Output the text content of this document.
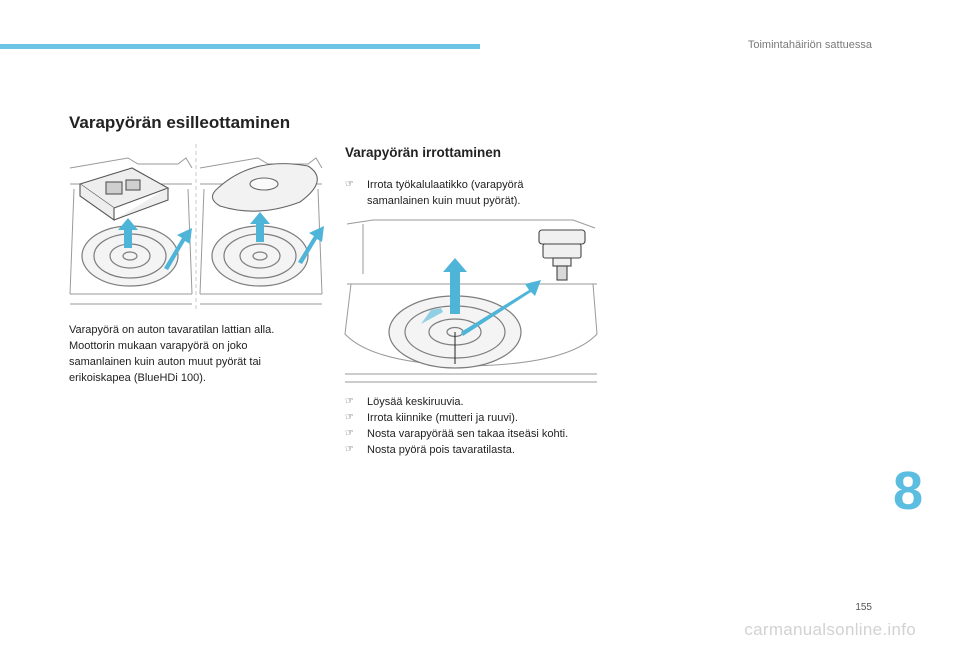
Toimintahäiriön sattuessa
Varapyörän esilleottaminen
Varapyörä on auton tavaratilan lattian alla.
Moottorin mukaan varapyörä on joko
samanlainen kuin auton muut pyörät tai
erikoiskapea (BlueHDi 100).
Varapyörän irrottaminen
☞ Irrota työkalulaatikko (varapyörä
samanlainen kuin muut pyörät).
☞ Löysää keskiruuvia.
☞ Irrota kiinnike (mutteri ja ruuvi).
☞ Nosta varapyörää sen takaa itseäsi kohti.
☞ Nosta pyörä pois tavaratilasta.
8
155
carmanualsonline.info
